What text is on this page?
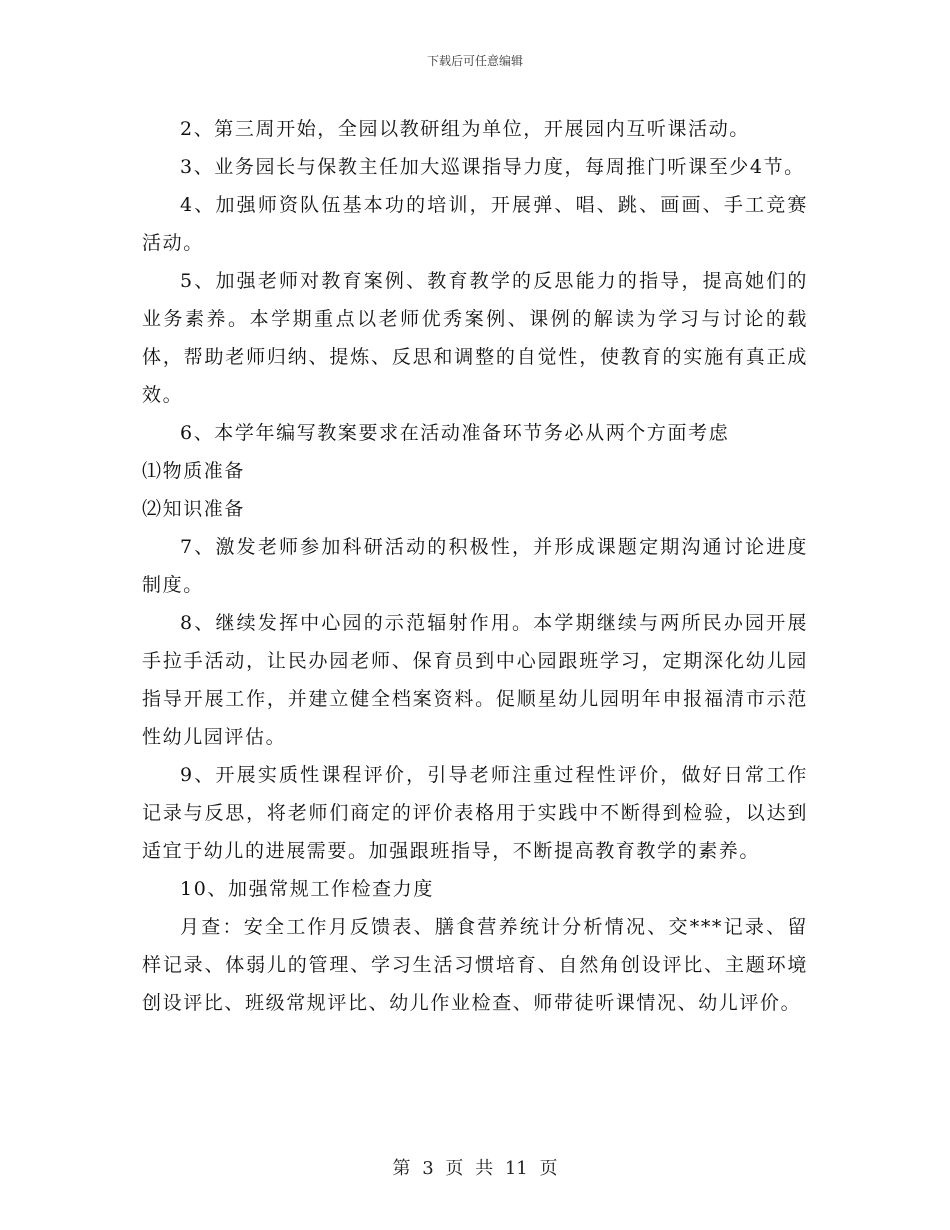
下载后可任意编辑

2、第三周开始，全园以教研组为单位，开展园内互听课活动。

3、业务园长与保教主任加大巡课指导力度，每周推门听课至少4节。

4、加强师资队伍基本功的培训，开展弹、唱、跳、画画、手工竞赛活动。

5、加强老师对教育案例、教育教学的反思能力的指导，提高她们的业务素养。本学期重点以老师优秀案例、课例的解读为学习与讨论的载体，帮助老师归纳、提炼、反思和调整的自觉性，使教育的实施有真正成效。

6、本学年编写教案要求在活动准备环节务必从两个方面考虑

⑴物质准备

⑵知识准备

7、激发老师参加科研活动的积极性，并形成课题定期沟通讨论进度制度。

8、继续发挥中心园的示范辐射作用。本学期继续与两所民办园开展手拉手活动，让民办园老师、保育员到中心园跟班学习，定期深化幼儿园指导开展工作，并建立健全档案资料。促顺星幼儿园明年申报福清市示范性幼儿园评估。

9、开展实质性课程评价，引导老师注重过程性评价，做好日常工作记录与反思，将老师们商定的评价表格用于实践中不断得到检验，以达到适宜于幼儿的进展需要。加强跟班指导，不断提高教育教学的素养。

10、加强常规工作检查力度

月查：安全工作月反馈表、膳食营养统计分析情况、交***记录、留样记录、体弱儿的管理、学习生活习惯培育、自然角创设评比、主题环境创设评比、班级常规评比、幼儿作业检查、师带徒听课情况、幼儿评价。

第 3 页 共 11 页
